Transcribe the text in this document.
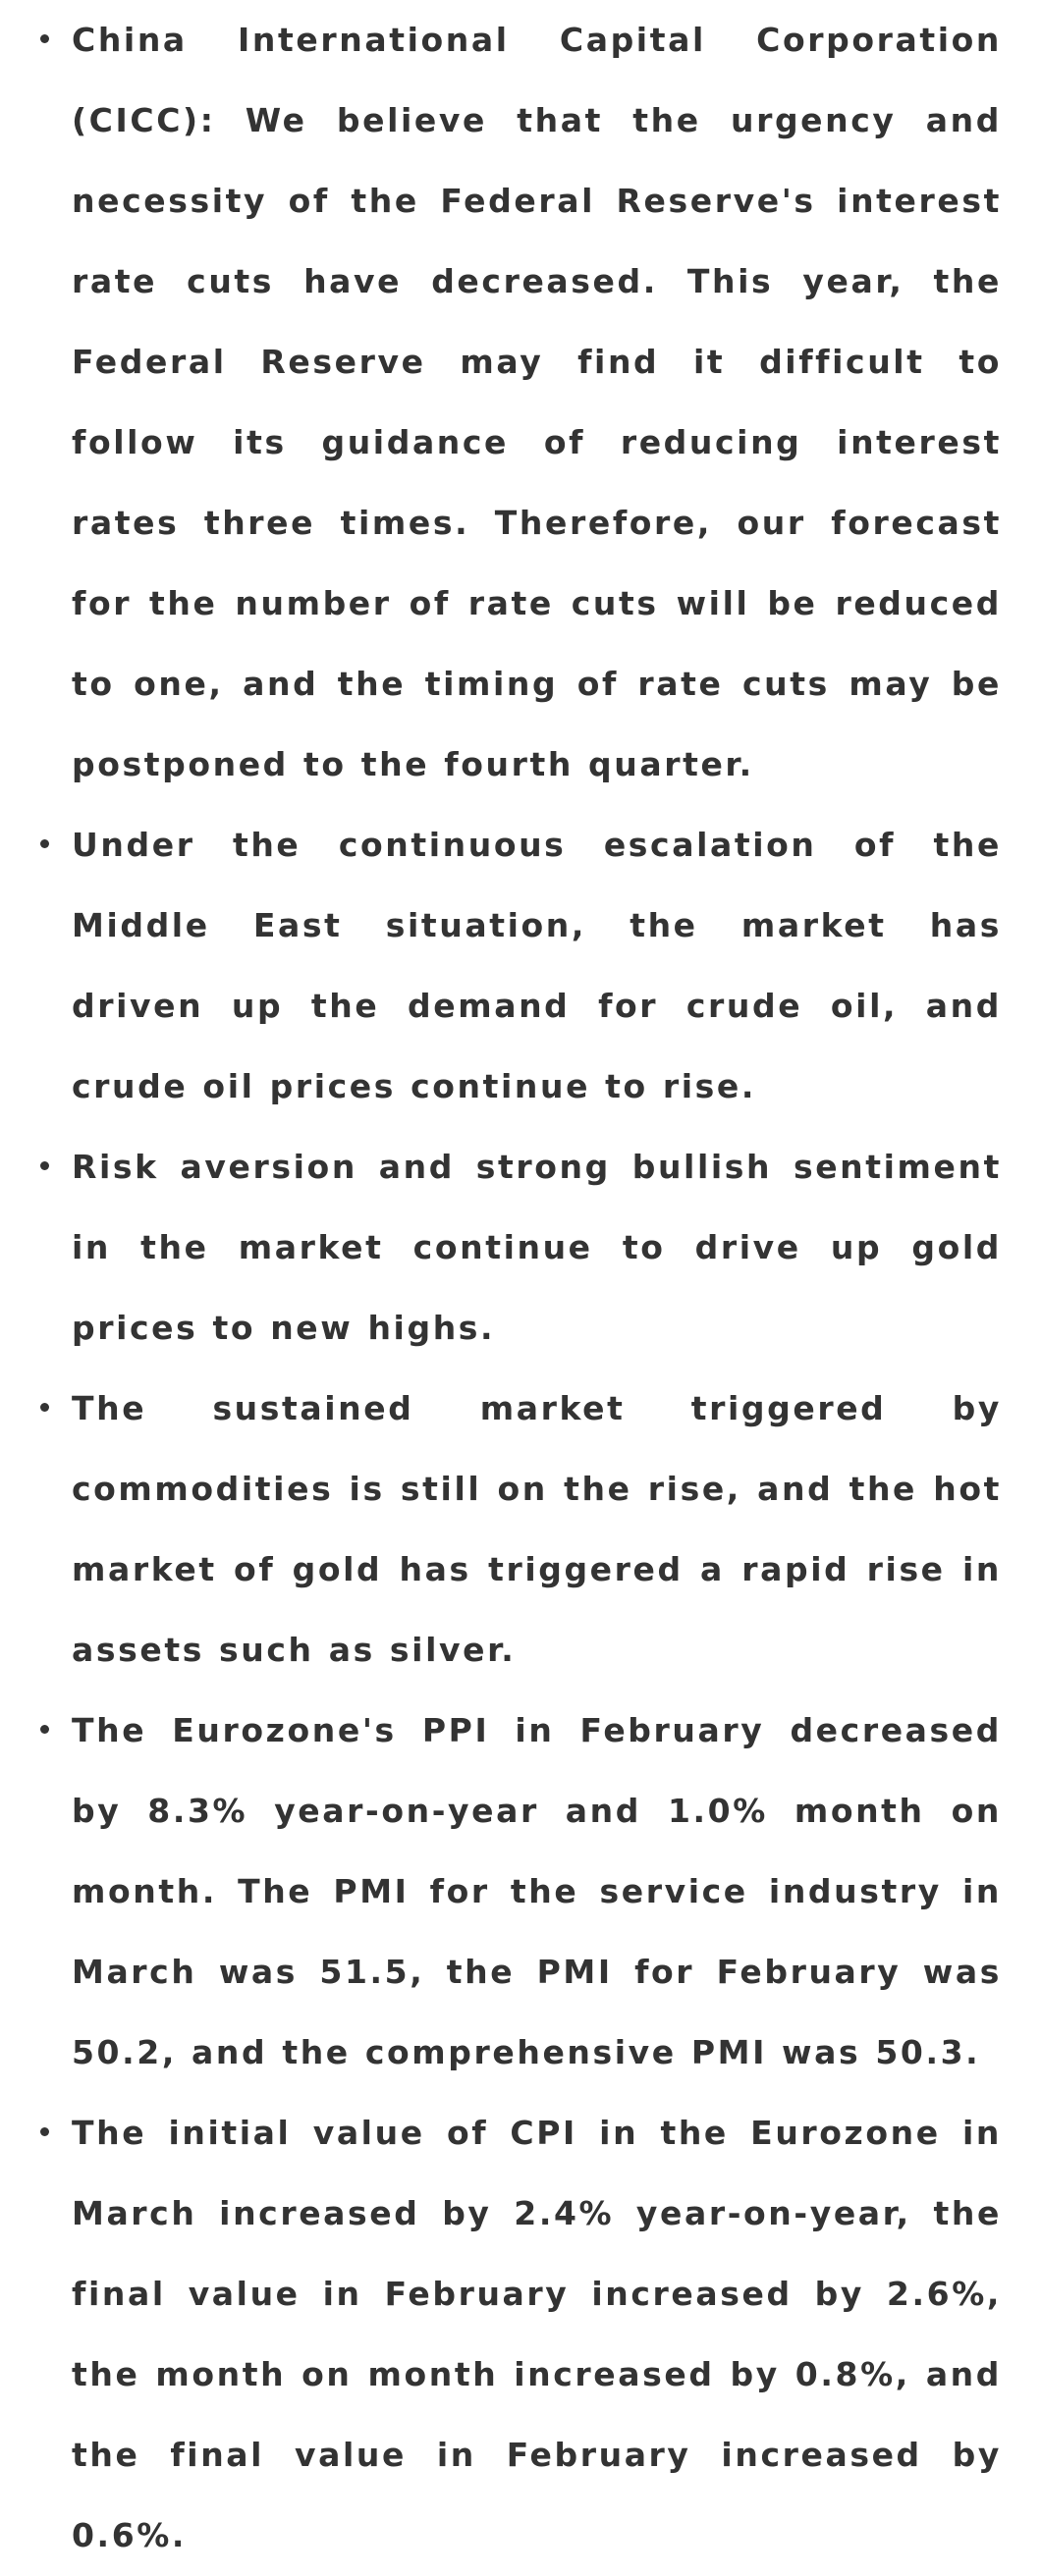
China International Capital Corporation (CICC): We believe that the urgency and necessity of the Federal Reserve's interest rate cuts have decreased. This year, the Federal Reserve may find it difficult to follow its guidance of reducing interest rates three times. Therefore, our forecast for the number of rate cuts will be reduced to one, and the timing of rate cuts may be postponed to the fourth quarter.
Under the continuous escalation of the Middle East situation, the market has driven up the demand for crude oil, and crude oil prices continue to rise.
Risk aversion and strong bullish sentiment in the market continue to drive up gold prices to new highs.
The sustained market triggered by commodities is still on the rise, and the hot market of gold has triggered a rapid rise in assets such as silver.
The Eurozone's PPI in February decreased by 8.3% year-on-year and 1.0% month on month. The PMI for the service industry in March was 51.5, the PMI for February was 50.2, and the comprehensive PMI was 50.3.
The initial value of CPI in the Eurozone in March increased by 2.4% year-on-year, the final value in February increased by 2.6%, the month on month increased by 0.8%, and the final value in February increased by 0.6%.
